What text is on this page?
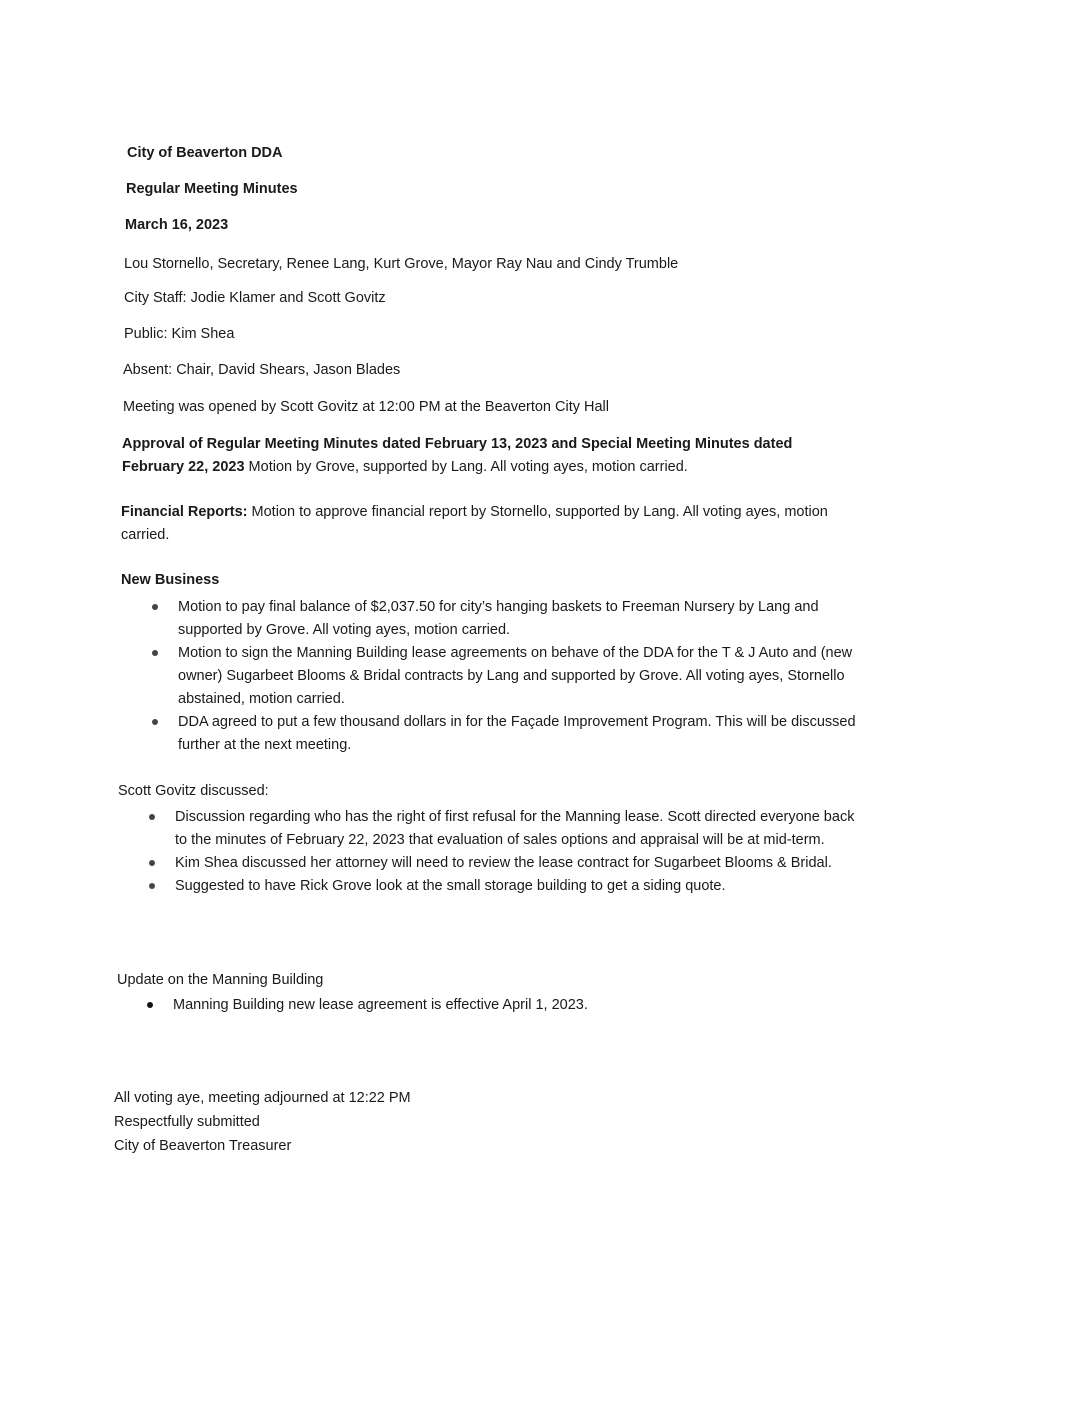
City of Beaverton DDA
Regular Meeting Minutes
March 16, 2023
Lou Stornello, Secretary, Renee Lang, Kurt Grove, Mayor Ray Nau and Cindy Trumble
City Staff: Jodie Klamer and Scott Govitz
Public: Kim Shea
Absent: Chair, David Shears, Jason Blades
Meeting was opened by Scott Govitz at 12:00 PM at the Beaverton City Hall
Approval of Regular Meeting Minutes dated February 13, 2023 and Special Meeting Minutes dated February 22, 2023 Motion by Grove, supported by Lang. All voting ayes, motion carried.
Financial Reports: Motion to approve financial report by Stornello, supported by Lang. All voting ayes, motion carried.
New Business
Motion to pay final balance of $2,037.50 for city’s hanging baskets to Freeman Nursery by Lang and supported by Grove. All voting ayes, motion carried.
Motion to sign the Manning Building lease agreements on behave of the DDA for the T & J Auto and (new owner) Sugarbeet Blooms & Bridal contracts by Lang and supported by Grove. All voting ayes, Stornello abstained, motion carried.
DDA agreed to put a few thousand dollars in for the Façade Improvement Program. This will be discussed further at the next meeting.
Scott Govitz discussed:
Discussion regarding who has the right of first refusal for the Manning lease. Scott directed everyone back to the minutes of February 22, 2023 that evaluation of sales options and appraisal will be at mid-term.
Kim Shea discussed her attorney will need to review the lease contract for Sugarbeet Blooms & Bridal.
Suggested to have Rick Grove look at the small storage building to get a siding quote.
Update on the Manning Building
Manning Building new lease agreement is effective April 1, 2023.
All voting aye, meeting adjourned at 12:22 PM
Respectfully submitted
City of Beaverton Treasurer
